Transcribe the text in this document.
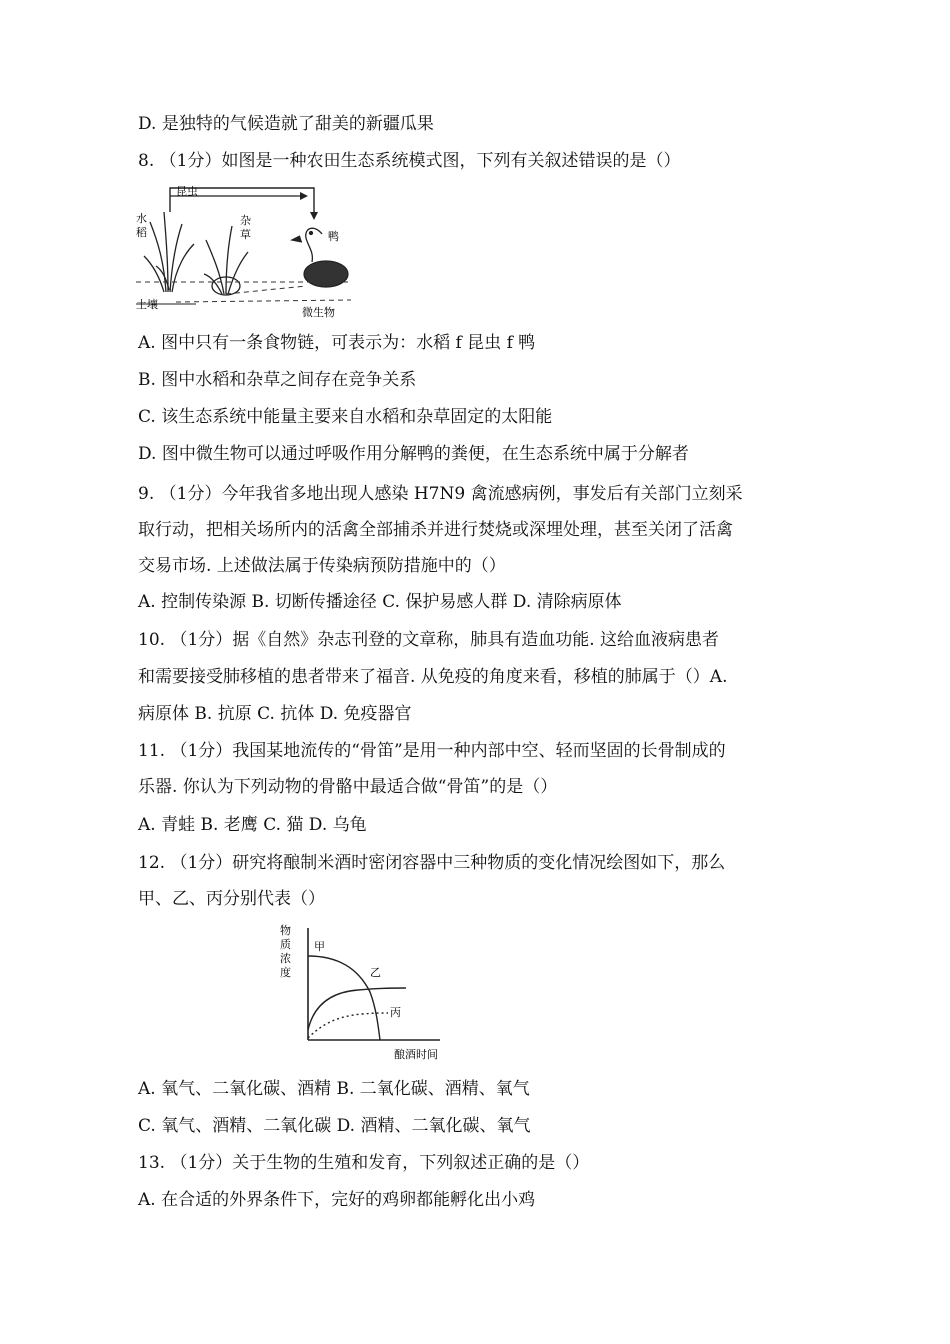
D. 是独特的气候造就了甜美的新疆瓜果
8. （1分）如图是一种农田生态系统模式图，下列有关叙述错误的是（）
昆虫
水
稻
杂
草	鸭
土壤
微生物
A. 图中只有一条食物链，可表示为：水稻 f 昆虫 f 鸭
B. 图中水稻和杂草之间存在竞争关系
C. 该生态系统中能量主要来自水稻和杂草固定的太阳能
D. 图中微生物可以通过呼吸作用分解鸭的粪便，在生态系统中属于分解者
9. （1分）今年我省多地出现人感染 H7N9 禽流感病例，事发后有关部门立刻采
取行动，把相关场所内的活禽全部捕杀并进行焚烧或深埋处理，甚至关闭了活禽
交易市场. 上述做法属于传染病预防措施中的（）
A. 控制传染源 B. 切断传播途径 C. 保护易感人群 D. 清除病原体
10. （1分）据《自然》杂志刊登的文章称，肺具有造血功能. 这给血液病患者
和需要接受肺移植的患者带来了福音. 从免疫的角度来看，移植的肺属于（）A.
病原体 B. 抗原 C. 抗体 D. 免疫器官
11. （1分）我国某地流传的“骨笛”是用一种内部中空、轻而坚固的长骨制成的
乐器. 你认为下列动物的骨骼中最适合做“骨笛”的是（）
A. 青蛙 B. 老鹰 C. 猫 D. 乌龟
12. （1分）研究将酿制米酒时密闭容器中三种物质的变化情况绘图如下，那么
甲、乙、丙分别代表（）
物
质
浓
度
甲
乙
丙
酿酒时间
A. 氧气、二氧化碳、酒精 B. 二氧化碳、酒精、氧气
C. 氧气、酒精、二氧化碳 D. 酒精、二氧化碳、氧气
13. （1分）关于生物的生殖和发育，下列叙述正确的是（）
A. 在合适的外界条件下，完好的鸡卵都能孵化出小鸡
